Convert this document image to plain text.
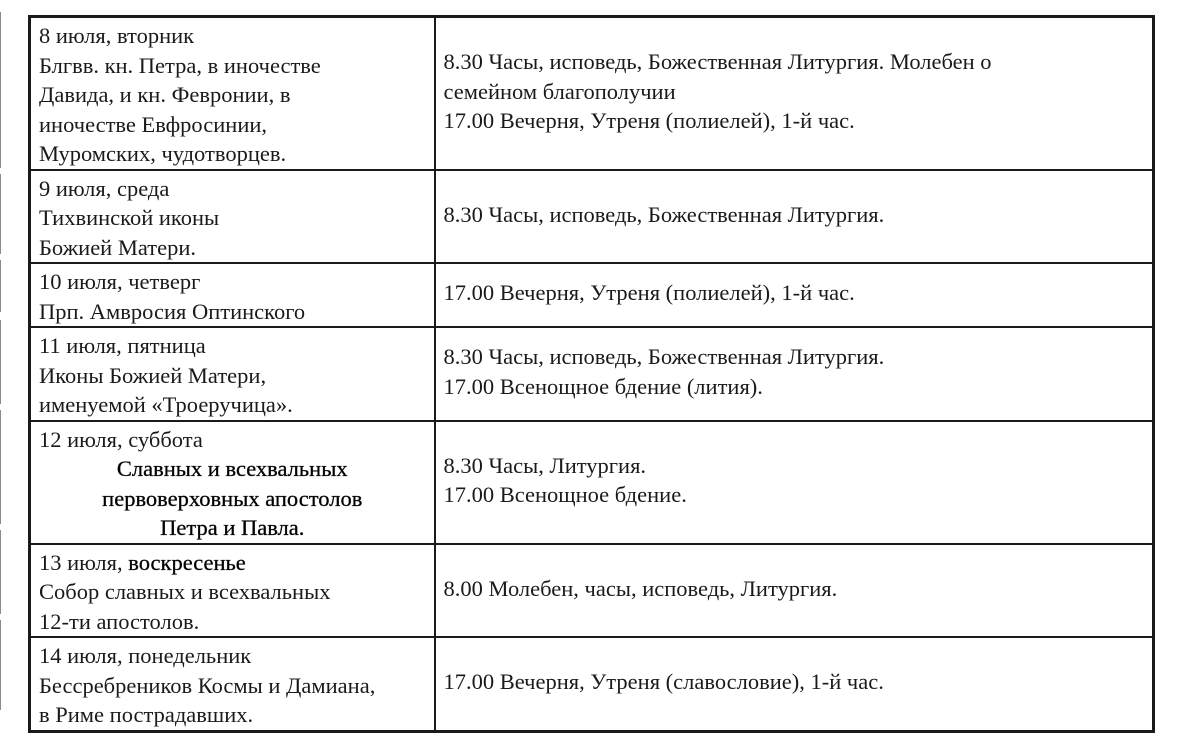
8 июля, вторник
Блгвв. кн. Петра, в иночестве
Давида, и кн. Февронии, в
иночестве Евфросинии,
Муромских, чудотворцев.	8.30 Часы, исповедь, Божественная Литургия. Молебен о
семейном благополучии
17.00 Вечерня, Утреня (полиелей), 1-й час.

9 июля, среда
Тихвинской иконы
Божией Матери.	8.30 Часы, исповедь, Божественная Литургия.

10 июля, четверг
Прп. Амвросия Оптинского	17.00 Вечерня, Утреня (полиелей), 1-й час.

11 июля, пятница
Иконы Божией Матери,
именуемой «Троеручица».	8.30 Часы, исповедь, Божественная Литургия.
17.00 Всенощное бдение (лития).

12 июля, суббота
Славных и всехвальных
первоверховных апостолов
Петра и Павла.	8.30 Часы, Литургия.
17.00 Всенощное бдение.

13 июля, воскресенье
Собор славных и всехвальных
12-ти апостолов.	8.00 Молебен, часы, исповедь, Литургия.

14 июля, понедельник
Бессребреников Космы и Дамиана,
в Риме пострадавших.	17.00 Вечерня, Утреня (славословие), 1-й час.
